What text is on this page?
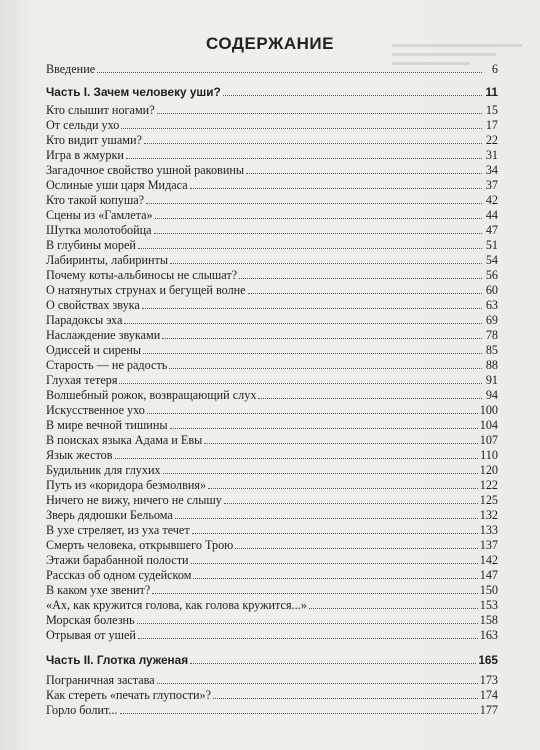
СОДЕРЖАНИЕ
Введение	6
Часть I. Зачем человеку уши?	11
Кто слышит ногами?	15
От сельди ухо	17
Кто видит ушами?	22
Игра в жмурки	31
Загадочное свойство ушной раковины	34
Ослиные уши царя Мидаса	37
Кто такой копуша?	42
Сцены из «Гамлета»	44
Шутка молотобойца	47
В глубины морей	51
Лабиринты, лабиринты	54
Почему коты-альбиносы не слышат?	56
О натянутых струнах и бегущей волне	60
О свойствах звука	63
Парадоксы эха	69
Наслаждение звуками	78
Одиссей и сирены	85
Старость — не радость	88
Глухая тетеря	91
Волшебный рожок, возвращающий слух	94
Искусственное ухо	100
В мире вечной тишины	104
В поисках языка Адама и Евы	107
Язык жестов	110
Будильник для глухих	120
Путь из «коридора безмолвия»	122
Ничего не вижу, ничего не слышу	125
Зверь дядюшки Бельома	132
В ухе стреляет, из уха течет	133
Смерть человека, открывшего Трою	137
Этажи барабанной полости	142
Рассказ об одном судейском	147
В каком ухе звенит?	150
«Ах, как кружится голова, как голова кружится...»	153
Морская болезнь	158
Отрывая от ушей	163
Часть II. Глотка луженая	165
Пограничная застава	173
Как стереть «печать глупости»?	174
Горло болит...	177
